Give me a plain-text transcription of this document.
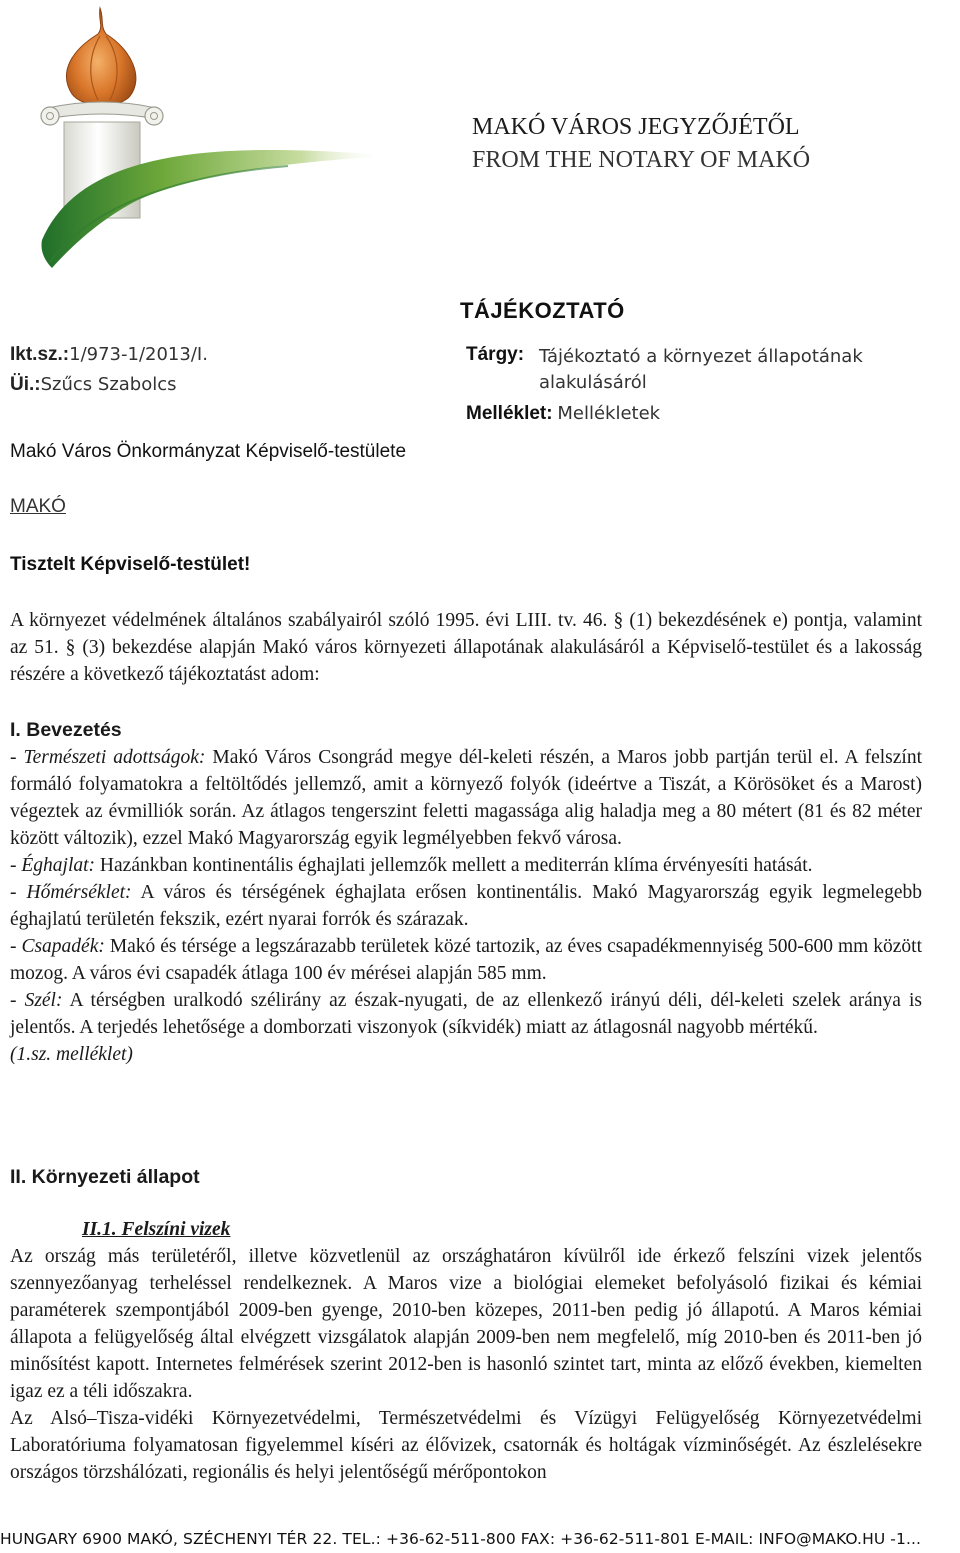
MAKÓ VÁROS JEGYZŐJÉTŐL
FROM THE NOTARY OF MAKÓ
TÁJÉKOZTATÓ
Ikt.sz.:1/973-1/2013/I.
Üi.:Szűcs Szabolcs
Tárgy: Tájékoztató a környezet állapotának alakulásáról
Melléklet: Mellékletek
Makó Város Önkormányzat Képviselő-testülete
MAKÓ
Tisztelt Képviselő-testület!

A környezet védelmének általános szabályairól szóló 1995. évi LIII. tv. 46. § (1) bekezdésének e) pontja, valamint az 51. § (3) bekezdése alapján Makó város környezeti állapotának alakulásáról a Képviselő-testület és a lakosság részére a következő tájékoztatást adom:

I. Bevezetés

- Természeti adottságok: Makó Város Csongrád megye dél-keleti részén, a Maros jobb partján terül el. A felszínt formáló folyamatokra a feltöltődés jellemző, amit a környező folyók (ideértve a Tiszát, a Körösöket és a Marost) végeztek az évmilliók során. Az átlagos tengerszint feletti magassága alig haladja meg a 80 métert (81 és 82 méter között változik), ezzel Makó Magyarország egyik legmélyebben fekvő városa.

- Éghajlat: Hazánkban kontinentális éghajlati jellemzők mellett a mediterrán klíma érvényesíti hatását.

- Hőmérséklet: A város és térségének éghajlata erősen kontinentális. Makó Magyarország egyik legmelegebb éghajlatú területén fekszik, ezért nyarai forrók és szárazak.

- Csapadék: Makó és térsége a legszárazabb területek közé tartozik, az éves csapadékmennyiség 500-600 mm között mozog. A város évi csapadék átlaga 100 év mérései alapján 585 mm.

- Szél: A térségben uralkodó szélirány az észak-nyugati, de az ellenkező irányú déli, dél-keleti szelek aránya is jelentős. A terjedés lehetősége a domborzati viszonyok (síkvidék) miatt az átlagosnál nagyobb mértékű.

(1.sz. melléklet)

II. Környezeti állapot

II.1. Felszíni vizek

Az ország más területéről, illetve közvetlenül az országhatáron kívülről ide érkező felszíni vizek jelentős szennyezőanyag terheléssel rendelkeznek. A Maros vize a biológiai elemeket befolyásoló fizikai és kémiai paraméterek szempontjából 2009-ben gyenge, 2010-ben közepes, 2011-ben pedig jó állapotú. A Maros kémiai állapota a felügyelőség által elvégzett vizsgálatok alapján 2009-ben nem megfelelő, míg 2010-ben és 2011-ben jó minősítést kapott. Internetes felmérések szerint 2012-ben is hasonló szintet tart, minta az előző években, kiemelten igaz ez a téli időszakra.

Az Alsó–Tisza-vidéki Környezetvédelmi, Természetvédelmi és Vízügyi Felügyelőség Környezetvédelmi Laboratóriuma folyamatosan figyelemmel kíséri az élővizek, csatornák és holtágak vízminőségét. Az észlelésekre országos törzshálózati, regionális és helyi jelentőségű mérőpontokon

HUNGARY 6900 MAKÓ, SZÉCHENYI TÉR 22. TEL.: +36-62-511-800 FAX: +36-62-511-801 E-MAIL: INFO@MAKO.HU -1...
